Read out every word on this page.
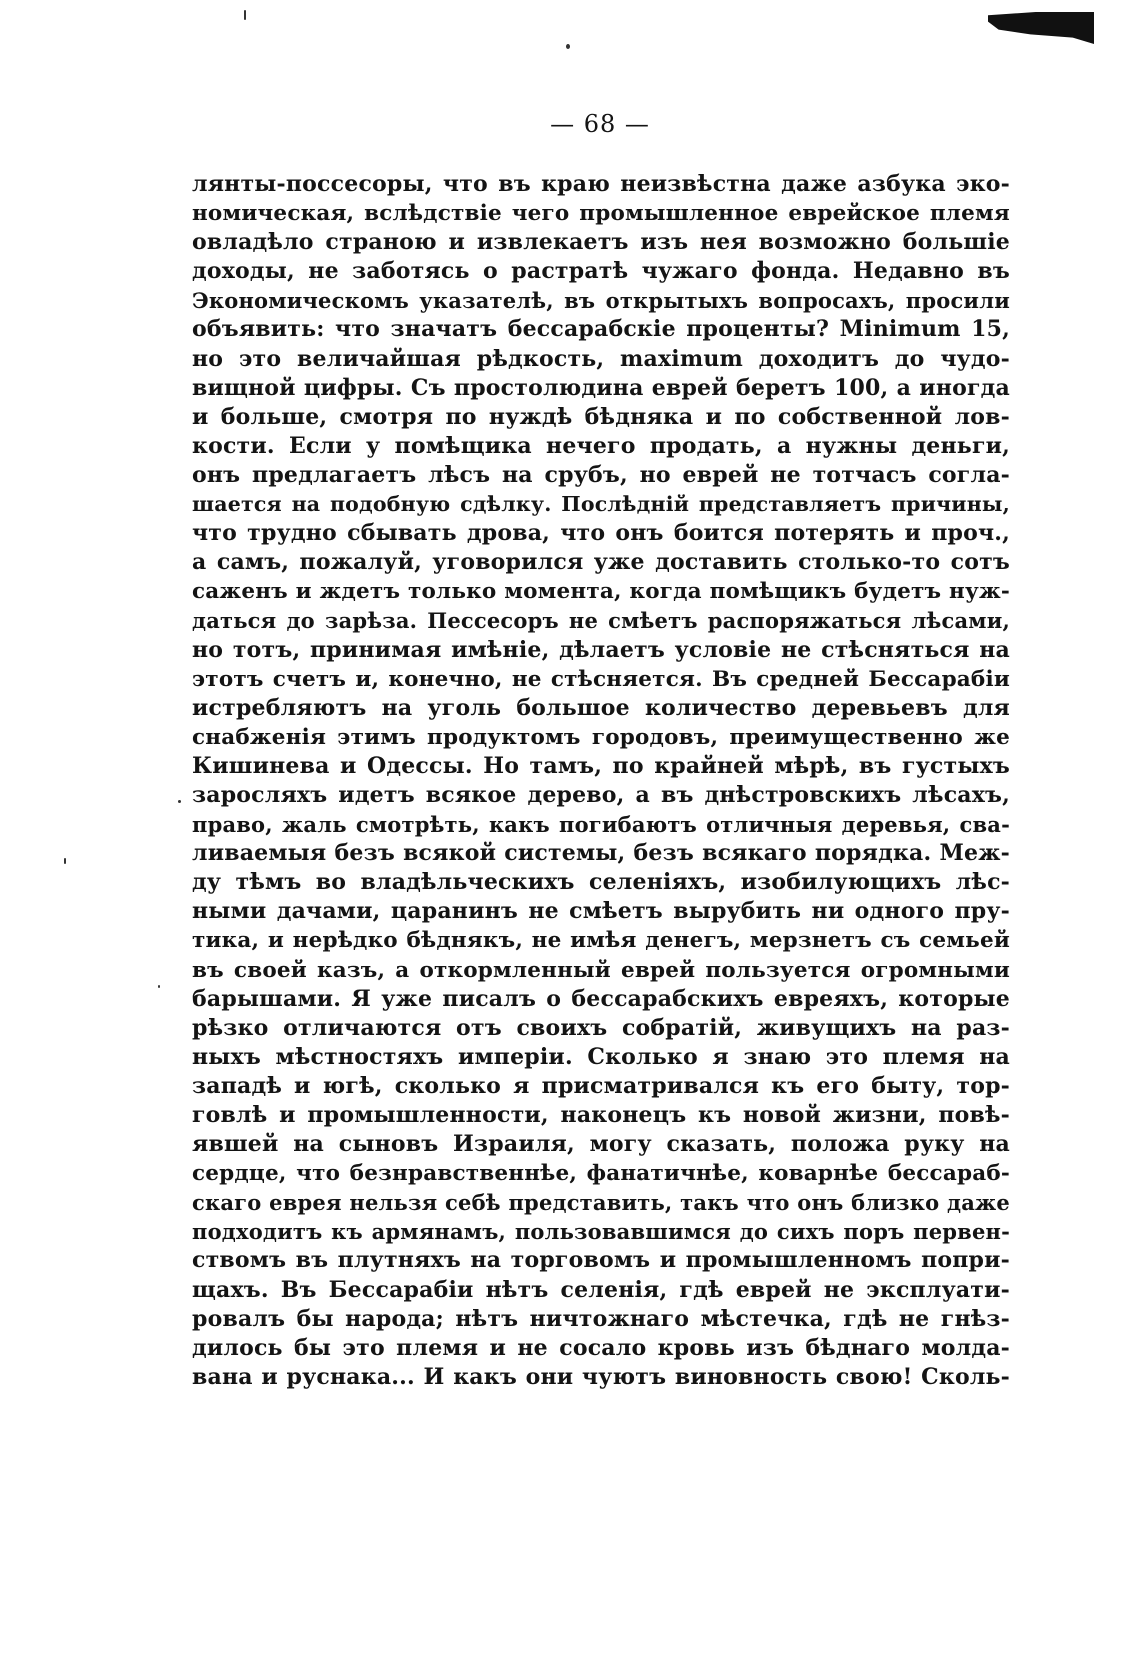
— 68 —
лянты-поссесоры, что въ краю неизвѣстна даже азбука эко-
номическая, вслѣдствіе чего промышленное еврейское племя
овладѣло страною и извлекаетъ изъ нея возможно большіе
доходы, не заботясь о растратѣ чужаго фонда. Недавно въ
Экономическомъ указателѣ, въ открытыхъ вопросахъ, просили
объявить: что значатъ бессарабскіе проценты? Minimum 15,
но это величайшая рѣдкость, maximum доходитъ до чудо-
вищной цифры. Съ простолюдина еврей беретъ 100, а иногда
и больше, смотря по нуждѣ бѣдняка и по собственной лов-
кости. Если у помѣщика нечего продать, а нужны деньги,
онъ предлагаетъ лѣсъ на срубъ, но еврей не тотчасъ согла-
шается на подобную сдѣлку. Послѣдній представляетъ причины,
что трудно сбывать дрова, что онъ боится потерять и проч.,
а самъ, пожалуй, уговорился уже доставить столько-то сотъ
саженъ и ждетъ только момента, когда помѣщикъ будетъ нуж-
даться до зарѣза. Пессесоръ не смѣетъ распоряжаться лѣсами,
но тотъ, принимая имѣніе, дѣлаетъ условіе не стѣсняться на
этотъ счетъ и, конечно, не стѣсняется. Въ средней Бессарабіи
истребляютъ на уголь большое количество деревьевъ для
снабженія этимъ продуктомъ городовъ, преимущественно же
Кишинева и Одессы. Но тамъ, по крайней мѣрѣ, въ густыхъ
заросляхъ идетъ всякое дерево, а въ днѣстровскихъ лѣсахъ,
право, жаль смотрѣть, какъ погибаютъ отличныя деревья, сва-
ливаемыя безъ всякой системы, безъ всякаго порядка. Меж-
ду тѣмъ во владѣльческихъ селеніяхъ, изобилующихъ лѣс-
ными дачами, царанинъ не смѣетъ вырубить ни одного пру-
тика, и нерѣдко бѣднякъ, не имѣя денегъ, мерзнетъ съ семьей
въ своей казъ, а откормленный еврей пользуется огромными
барышами. Я уже писалъ о бессарабскихъ евреяхъ, которые
рѣзко отличаются отъ своихъ собратій, живущихъ на раз-
ныхъ мѣстностяхъ имперіи. Сколько я знаю это племя на
западѣ и югѣ, сколько я присматривался къ его быту, тор-
говлѣ и промышленности, наконецъ къ новой жизни, повѣ-
явшей на сыновъ Израиля, могу сказать, положа руку на
сердце, что безнравственнѣе, фанатичнѣе, коварнѣе бессараб-
скаго еврея нельзя себѣ представить, такъ что онъ близко даже
подходитъ къ армянамъ, пользовавшимся до сихъ поръ первен-
ствомъ въ плутняхъ на торговомъ и промышленномъ попри-
щахъ. Въ Бессарабіи нѣтъ селенія, гдѣ еврей не эксплуати-
ровалъ бы народа; нѣтъ ничтожнаго мѣстечка, гдѣ не гнѣз-
дилось бы это племя и не сосало кровь изъ бѣднаго молда-
вана и руснака... И какъ они чуютъ виновность свою! Сколь-
